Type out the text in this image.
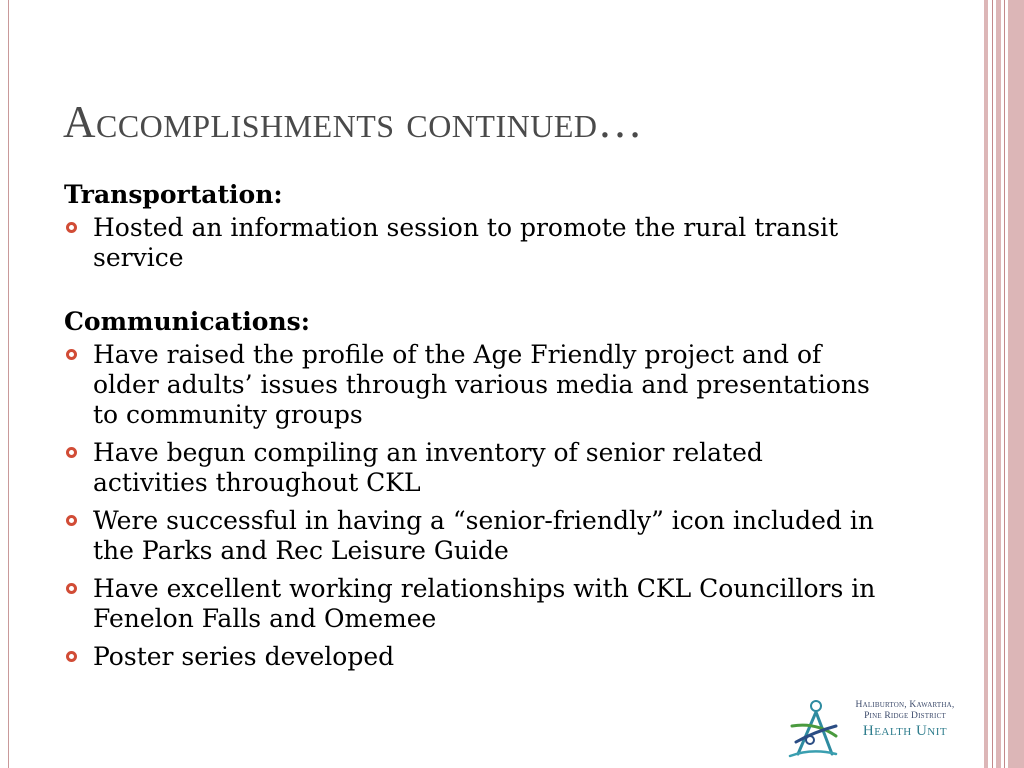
Accomplishments continued…
Transportation:
Hosted an information session to promote the rural transit service
Communications:
Have raised the profile of the Age Friendly project and of older adults’ issues through various media and presentations to community groups
Have begun compiling an inventory of senior related activities throughout CKL
Were successful in having a “senior-friendly” icon included in the Parks and Rec Leisure Guide
Have excellent working relationships with CKL Councillors in Fenelon Falls and Omemee
Poster series developed
Haliburton, Kawartha,
Pine Ridge District
Health Unit
